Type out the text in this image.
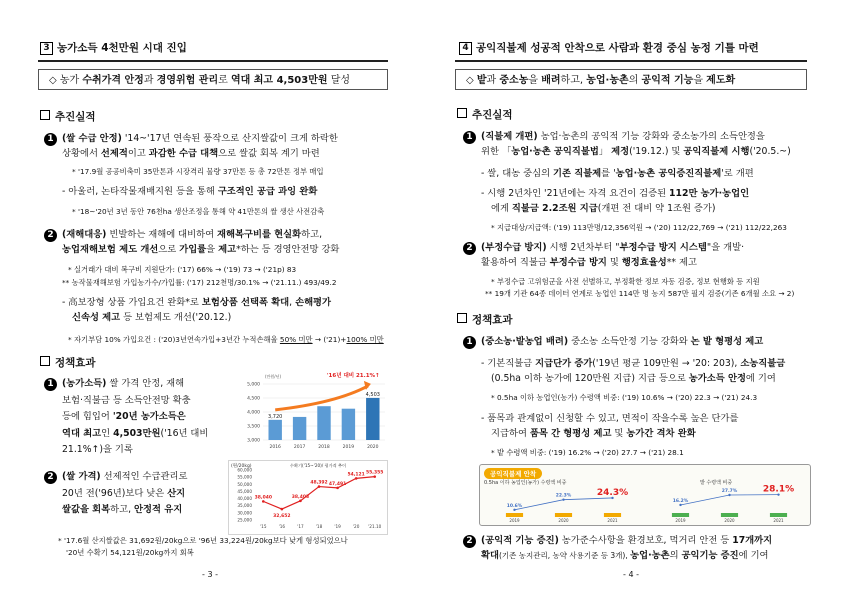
3 농가소득 4천만원 시대 진입
◇ 농가 수취가격 안정과 경영위험 관리로 역대 최고 4,503만원 달성
추진실적
1 (쌀 수급 안정) '14~'17년 연속된 풍작으로 산지쌀값이 크게 하락한
상황에서 선제적이고 과감한 수급 대책으로 쌀값 회복 계기 마련
* '17.9월 공공비축미 35만톤과 시장격리 물량 37만톤 등 총 72만톤 정부 매입
- 아울러, 논타작물재배지원 등을 통해 구조적인 공급 과잉 완화
* '18~'20년 3년 동안 76천ha 생산조정을 통해 약 41만톤의 쌀 생산 사전감축
2 (재해대응) 빈발하는 재해에 대비하여 재해복구비를 현실화하고,
농업재해보험 제도 개선으로 가입률을 제고*하는 등 경영안전망 강화
* 실거래가 대비 복구비 지원단가: ('17) 66% → ('19) 73 → ('21p) 83
** 농작물재해보험 가입농가수/가입률: ('17) 212천명/30.1% → ('21.11.) 493/49.2
- 高보장형 상품 가입요건 완화*로 보험상품 선택폭 확대, 손해평가
신속성 제고 등 보험제도 개선('20.12.)
* 자기부담 10% 가입요건 : ('20)3년연속가입+3년간 누적손해율 50% 미만 → ('21)+100% 미만
정책효과
1 (농가소득) 쌀 가격 안정, 재해
보험·직불금 등 소득안전망 확충
등에 힘입어 '20년 농가소득은
역대 최고인 4,503만원('16년 대비
21.1%↑)을 기록
2 (쌀 가격) 선제적인 수급관리로
20년 전('96년)보다 낮은 산지
쌀값을 회복하고, 안정적 유지
(만원/년)
3,000
3,500
4,000
4,500
5,000
2016
3,720
2017	2018	2019	2020
4,503
'16년 대비 21.1%↑
(원/20kg)	수확기('15~'20)/ 평가격 추이
25,000
30,000
35,000
40,000
45,000
50,000
55,000
60,000
38,040
'15
32,652
'16
38,403
'17
48,392
'18
47,491
'19
54,121
'20
55,355
'21.10
* '17.6월 산지쌀값은 31,692원/20kg으로 '96년 33,224원/20kg보다 낮게 형성되었으나
'20년 수확기 54,121원/20kg까지 회복
- 3 -
4 공익직불제 성공적 안착으로 사람과 환경 중심 농정 기틀 마련
◇ 밭과 중소농을 배려하고, 농업·농촌의 공익적 기능을 제도화
추진실적
1 (직불제 개편) 농업·농촌의 공익적 기능 강화와 중소농가의 소득안정을
위한 「농업·농촌 공익직불법」 제정('19.12.) 및 공익직불제 시행('20.5.~)
- 쌀, 대농 중심의 기존 직불제를 '농업·농촌 공익증진직불제'로 개편
- 시행 2년차인 '21년에는 자격 요건이 검증된 112만 농가·농업인
에게 직불금 2.2조원 지급(개편 전 대비 약 1조원 증가)
* 지급대상/지급액: ('19) 113만명/12,356억원 → ('20) 112/22,769 → ('21) 112/22,263
2 (부정수급 방지) 시행 2년차부터 "부정수급 방지 시스템"을 개발·
활용하여 직불금 부정수급 방지 및 행정효율성** 제고
* 부정수급 고위험군을 사전 선별하고, 부정확한 정보 자동 검증, 정보 현행화 등 지원
** 19개 기관 64종 데이터 연계로 농업인 114만 명 농지 587만 필지 검증(기존 6개월 소요 → 2)
정책효과
1 (중소농·밭농업 배려) 중소농 소득안정 기능 강화와 논 밭 형평성 제고
- 기본직불금 지급단가 증가('19년 평균 109만원 → '20: 203), 소농직불금
(0.5ha 이하 농가에 120만원 지급) 지급 등으로 농가소득 안정에 기여
* 0.5ha 이하 농업인(농가) 수령액 비중: ('19) 10.6% → ('20) 22.3 → ('21) 24.3
- 품목과 관계없이 신청할 수 있고, 면적이 작을수록 높은 단가를
지급하여 품목 간 형평성 제고 및 농가간 격차 완화
* 밭 수령액 비중: ('19) 16.2% → ('20) 27.7 → ('21) 28.1
공익직불제 안착
0.5ha 이하 농업인(농가) 수령액 비중	밭 수령액 비중
2019	2020	2021
10.6%
22.3%	24.3%
2019	2020	2021
16.2%
27.7%	28.1%
2 (공익적 기능 증진) 농가준수사항을 환경보호, 먹거리 안전 등 17개까지
확대(기존 농지관리, 농약 사용기준 등 3개), 농업·농촌의 공익기능 증진에 기여
- 4 -
